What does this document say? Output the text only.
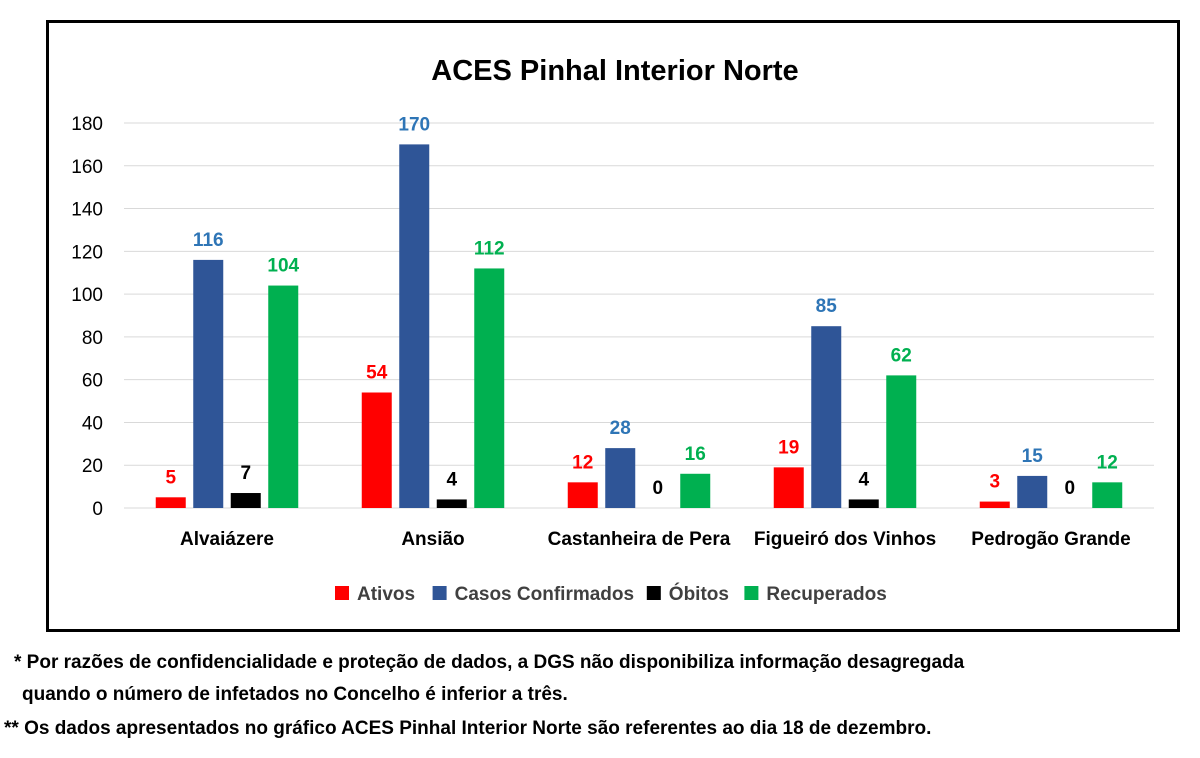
ACES Pinhal Interior Norte
0
20
40
60
80
100
120
140
160
180
5
116
7
104
Alvaiázere
54
170
4
112
Ansião
12
28
0
16
Castanheira de Pera
19
85
4
62
Figueiró dos Vinhos
3
15
0
12
Pedrogão Grande
Ativos Casos Confirmados Óbitos Recuperados
* Por razões de confidencialidade e proteção de dados, a DGS não disponibiliza informação desagregada
quando o número de infetados no Concelho é inferior a três.
** Os dados apresentados no gráfico ACES Pinhal Interior Norte são referentes ao dia 18 de dezembro.
